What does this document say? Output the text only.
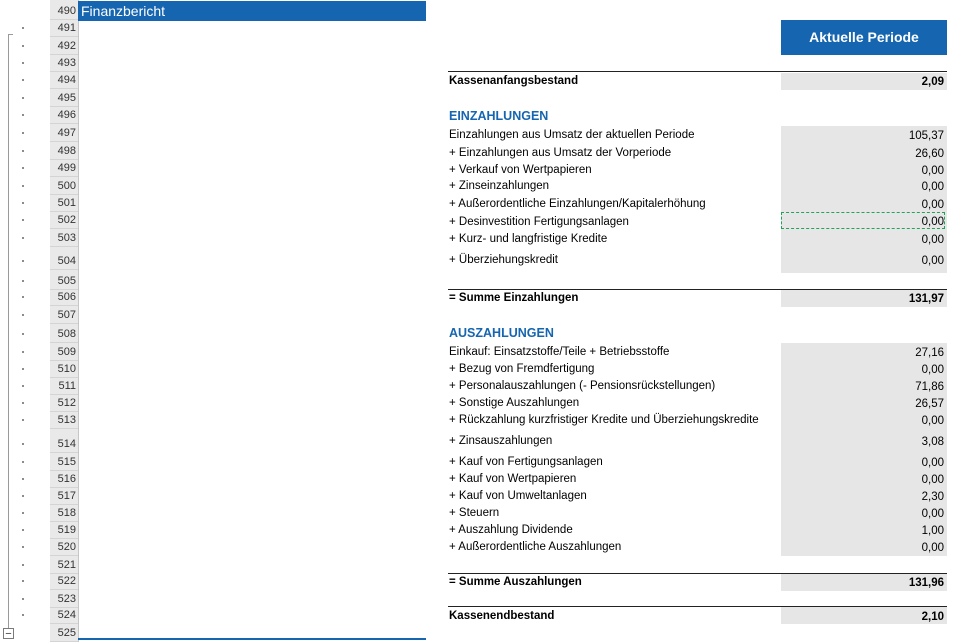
−
490
491
492
493
494
495
496
497
498
499
500
501
502
503
504
505
506
507
508
509
510
511
512
513
514
515
516
517
518
519
520
521
522
523
524
525
Finanzbericht
Aktuelle Periode
Kassenanfangsbestand	2,09
EINZAHLUNGEN
Einzahlungen aus Umsatz der aktuellen Periode	105,37
+ Einzahlungen aus Umsatz der Vorperiode	26,60
+ Verkauf von Wertpapieren	0,00
+ Zinseinzahlungen	0,00
+ Außerordentliche Einzahlungen/Kapitalerhöhung	0,00
+ Desinvestition Fertigungsanlagen	0,00
+ Kurz- und langfristige Kredite	0,00
+ Überziehungskredit	0,00
= Summe Einzahlungen	131,97
AUSZAHLUNGEN
Einkauf: Einsatzstoffe/Teile + Betriebsstoffe	27,16
+ Bezug von Fremdfertigung	0,00
+ Personalauszahlungen (- Pensionsrückstellungen)	71,86
+ Sonstige Auszahlungen	26,57
+ Rückzahlung kurzfristiger Kredite und Überziehungskredite	0,00
+ Zinsauszahlungen	3,08
+ Kauf von Fertigungsanlagen	0,00
+ Kauf von Wertpapieren	0,00
+ Kauf von Umweltanlagen	2,30
+ Steuern	0,00
+ Auszahlung Dividende	1,00
+ Außerordentliche Auszahlungen	0,00
= Summe Auszahlungen	131,96
Kassenendbestand	2,10
